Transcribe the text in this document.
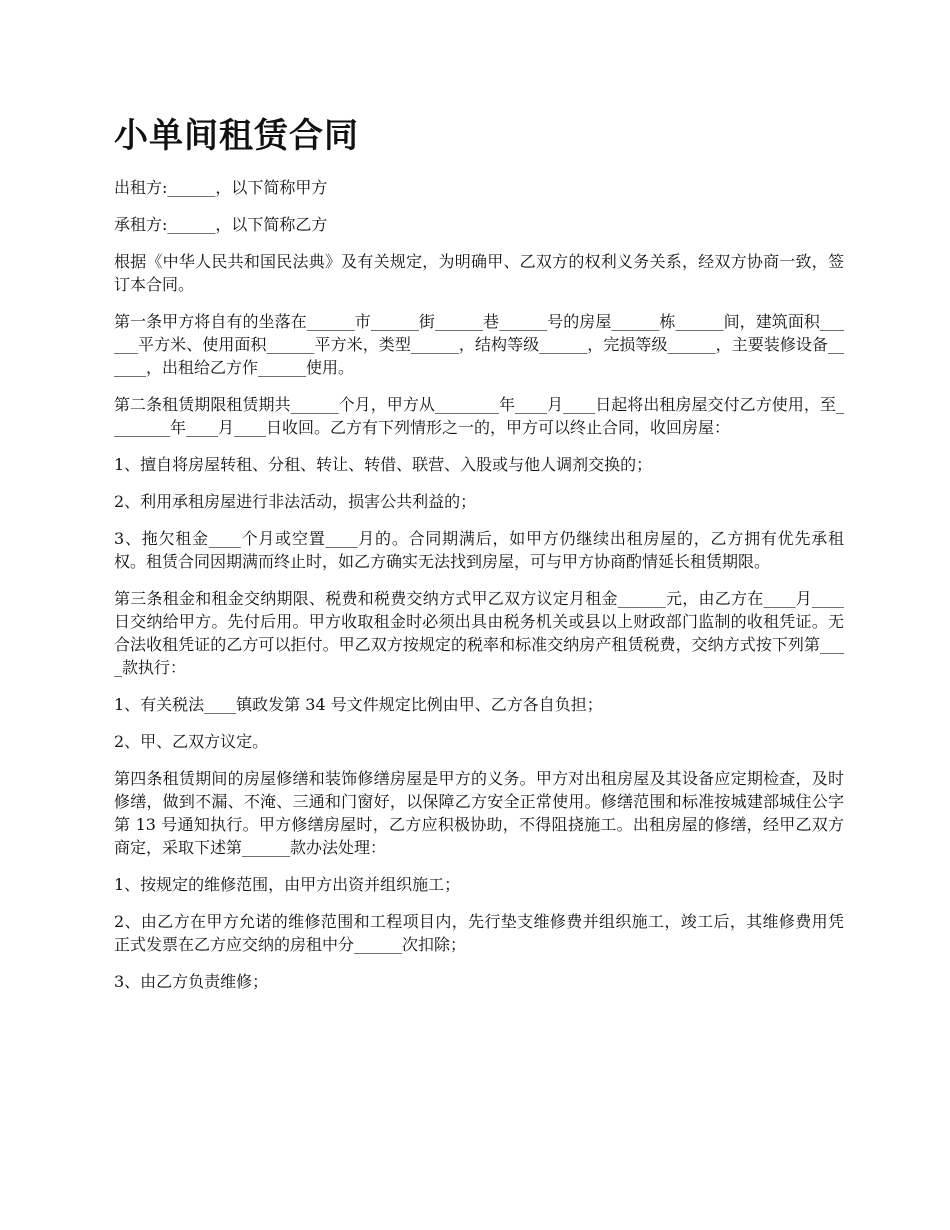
小单间租赁合同

出租方:______，以下简称甲方

承租方:______，以下简称乙方

根据《中华人民共和国民法典》及有关规定，为明确甲、乙双方的权利义务关系，经双方协商一致，签订本合同。

第一条甲方将自有的坐落在______市______街______巷______号的房屋______栋______间，建筑面积______平方米、使用面积______平方米，类型______，结构等级______，完损等级______，主要装修设备______，出租给乙方作______使用。

第二条租赁期限租赁期共______个月，甲方从________年____月____日起将出租房屋交付乙方使用，至________年____月____日收回。乙方有下列情形之一的，甲方可以终止合同，收回房屋：

1、擅自将房屋转租、分租、转让、转借、联营、入股或与他人调剂交换的；

2、利用承租房屋进行非法活动，损害公共利益的；

3、拖欠租金____个月或空置____月的。合同期满后，如甲方仍继续出租房屋的，乙方拥有优先承租权。租赁合同因期满而终止时，如乙方确实无法找到房屋，可与甲方协商酌情延长租赁期限。

第三条租金和租金交纳期限、税费和税费交纳方式甲乙双方议定月租金______元，由乙方在____月____日交纳给甲方。先付后用。甲方收取租金时必须出具由税务机关或县以上财政部门监制的收租凭证。无合法收租凭证的乙方可以拒付。甲乙双方按规定的税率和标准交纳房产租赁税费，交纳方式按下列第____款执行：

1、有关税法____镇政发第 34 号文件规定比例由甲、乙方各自负担；

2、甲、乙双方议定。

第四条租赁期间的房屋修缮和装饰修缮房屋是甲方的义务。甲方对出租房屋及其设备应定期检查，及时修缮，做到不漏、不淹、三通和门窗好，以保障乙方安全正常使用。修缮范围和标准按城建部城住公字第 13 号通知执行。甲方修缮房屋时，乙方应积极协助，不得阻挠施工。出租房屋的修缮，经甲乙双方商定，采取下述第______款办法处理：

1、按规定的维修范围，由甲方出资并组织施工；

2、由乙方在甲方允诺的维修范围和工程项目内，先行垫支维修费并组织施工，竣工后，其维修费用凭正式发票在乙方应交纳的房租中分______次扣除；

3、由乙方负责维修；
